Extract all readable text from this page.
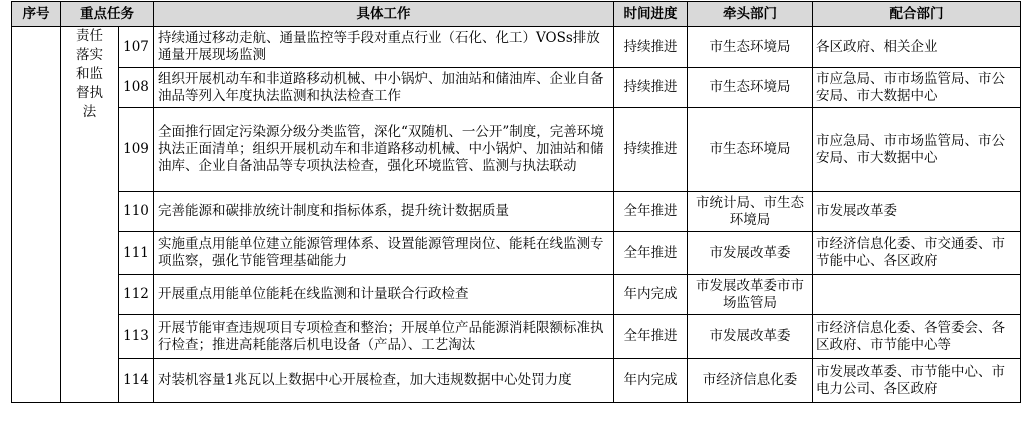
序号	重点任务		具体工作	时间进度	牵头部门	配合部门

	责任落实和监督执法	107	持续通过移动走航、通量监控等手段对重点行业（石化、化工）VOSs排放通量开展现场监测	持续推进	市生态环境局	各区政府、相关企业
		108	组织开展机动车和非道路移动机械、中小锅炉、加油站和储油库、企业自备油品等列入年度执法监测和执法检查工作	持续推进	市生态环境局	市应急局、市市场监管局、市公安局、市大数据中心
		109	全面推行固定污染源分级分类监管，深化“双随机、一公开”制度，完善环境执法正面清单；组织开展机动车和非道路移动机械、中小锅炉、加油站和储油库、企业自备油品等专项执法检查，强化环境监管、监测与执法联动	持续推进	市生态环境局	市应急局、市市场监管局、市公安局、市大数据中心
		110	完善能源和碳排放统计制度和指标体系，提升统计数据质量	全年推进	市统计局、市生态环境局	市发展改革委
		111	实施重点用能单位建立能源管理体系、设置能源管理岗位、能耗在线监测专项监察，强化节能管理基础能力	全年推进	市发展改革委	市经济信息化委、市交通委、市节能中心、各区政府
		112	开展重点用能单位能耗在线监测和计量联合行政检查	年内完成	市发展改革委市市场监管局	
		113	开展节能审查违规项目专项检查和整治；开展单位产品能源消耗限额标准执行检查；推进高耗能落后机电设备（产品）、工艺淘汰	全年推进	市发展改革委	市经济信息化委、各管委会、各区政府、市节能中心等
		114	对装机容量1兆瓦以上数据中心开展检查，加大违规数据中心处罚力度	年内完成	市经济信息化委	市发展改革委、市节能中心、市电力公司、各区政府
